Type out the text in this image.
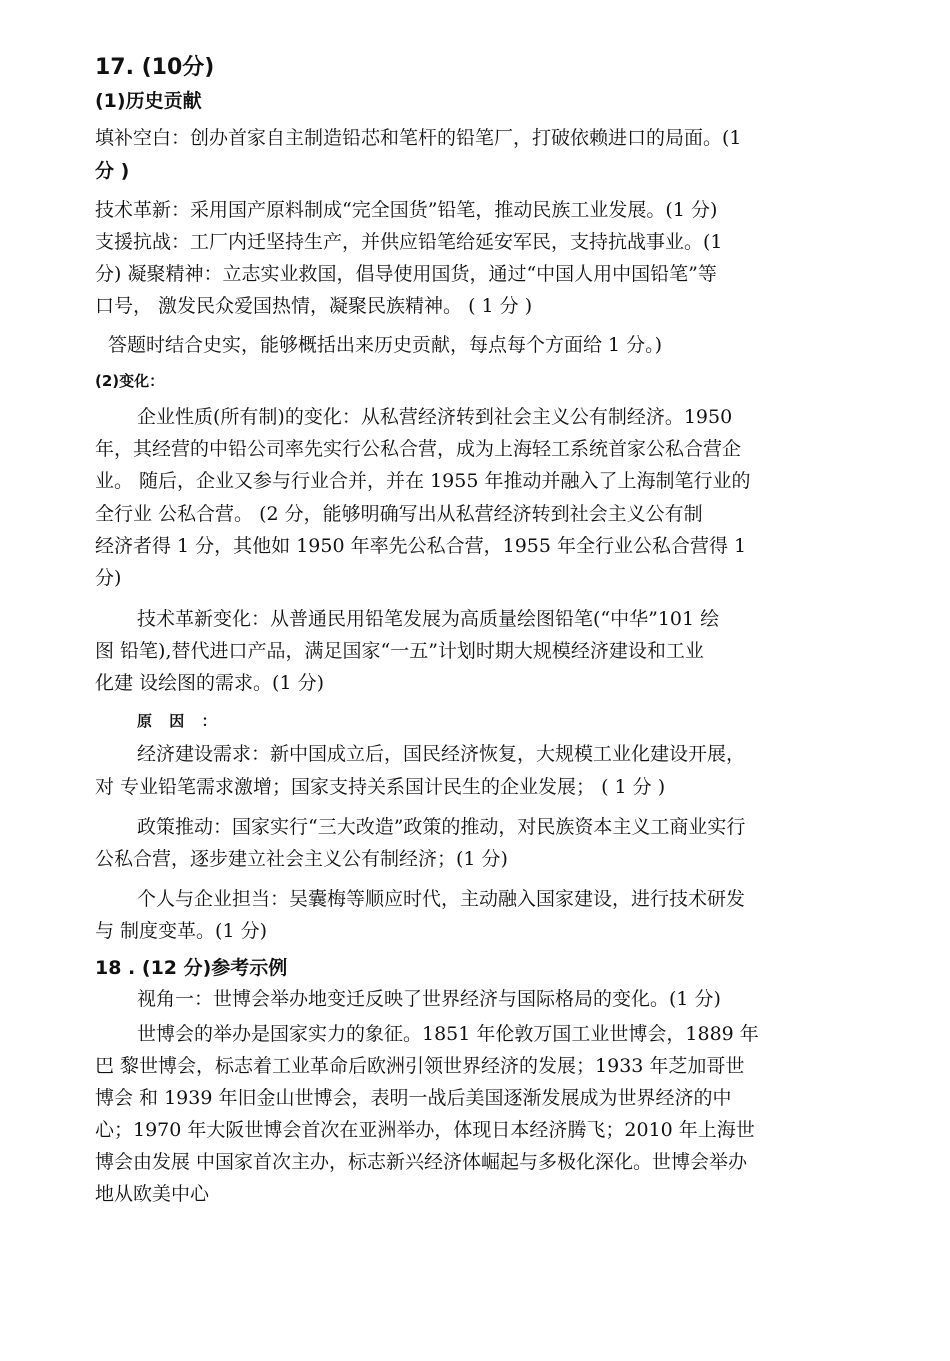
17. (10分)
(1)历史贡献
填补空白：创办首家自主制造铅芯和笔杆的铅笔厂，打破依赖进口的局面。(1
分 )
技术革新：采用国产原料制成“完全国货”铅笔，推动民族工业发展。(1 分)
支援抗战：工厂内迁坚持生产，并供应铅笔给延安军民，支持抗战事业。(1
分) 凝聚精神：立志实业救国，倡导使用国货，通过“中国人用中国铅笔”等
口号， 激发民众爱国热情，凝聚民族精神。 ( 1 分 )
答题时结合史实，能够概括出来历史贡献，每点每个方面给 1 分。)
(2)变化：
企业性质(所有制)的变化：从私营经济转到社会主义公有制经济。1950
年，其经营的中铅公司率先实行公私合营，成为上海轻工系统首家公私合营企
业。 随后，企业又参与行业合并，并在 1955 年推动并融入了上海制笔行业的
全行业 公私合营。 (2 分，能够明确写出从私营经济转到社会主义公有制
经济者得 1 分，其他如 1950 年率先公私合营，1955 年全行业公私合营得 1
分)
技术革新变化：从普通民用铅笔发展为高质量绘图铅笔(“中华”101 绘
图 铅笔),替代进口产品，满足国家“一五”计划时期大规模经济建设和工业
化建 设绘图的需求。(1 分)
原 因 ：
经济建设需求：新中国成立后，国民经济恢复，大规模工业化建设开展，
对 专业铅笔需求激增；国家支持关系国计民生的企业发展； ( 1 分 )
政策推动：国家实行“三大改造”政策的推动，对民族资本主义工商业实行
公私合营，逐步建立社会主义公有制经济；(1 分)
个人与企业担当：吴囊梅等顺应时代，主动融入国家建设，进行技术研发
与 制度变革。(1 分)
18 . (12 分)参考示例
视角一：世博会举办地变迁反映了世界经济与国际格局的变化。(1 分)
世博会的举办是国家实力的象征。1851 年伦敦万国工业世博会，1889 年
巴 黎世博会，标志着工业革命后欧洲引领世界经济的发展；1933 年芝加哥世
博会 和 1939 年旧金山世博会，表明一战后美国逐渐发展成为世界经济的中
心；1970 年大阪世博会首次在亚洲举办，体现日本经济腾飞；2010 年上海世
博会由发展 中国家首次主办，标志新兴经济体崛起与多极化深化。世博会举办
地从欧美中心
